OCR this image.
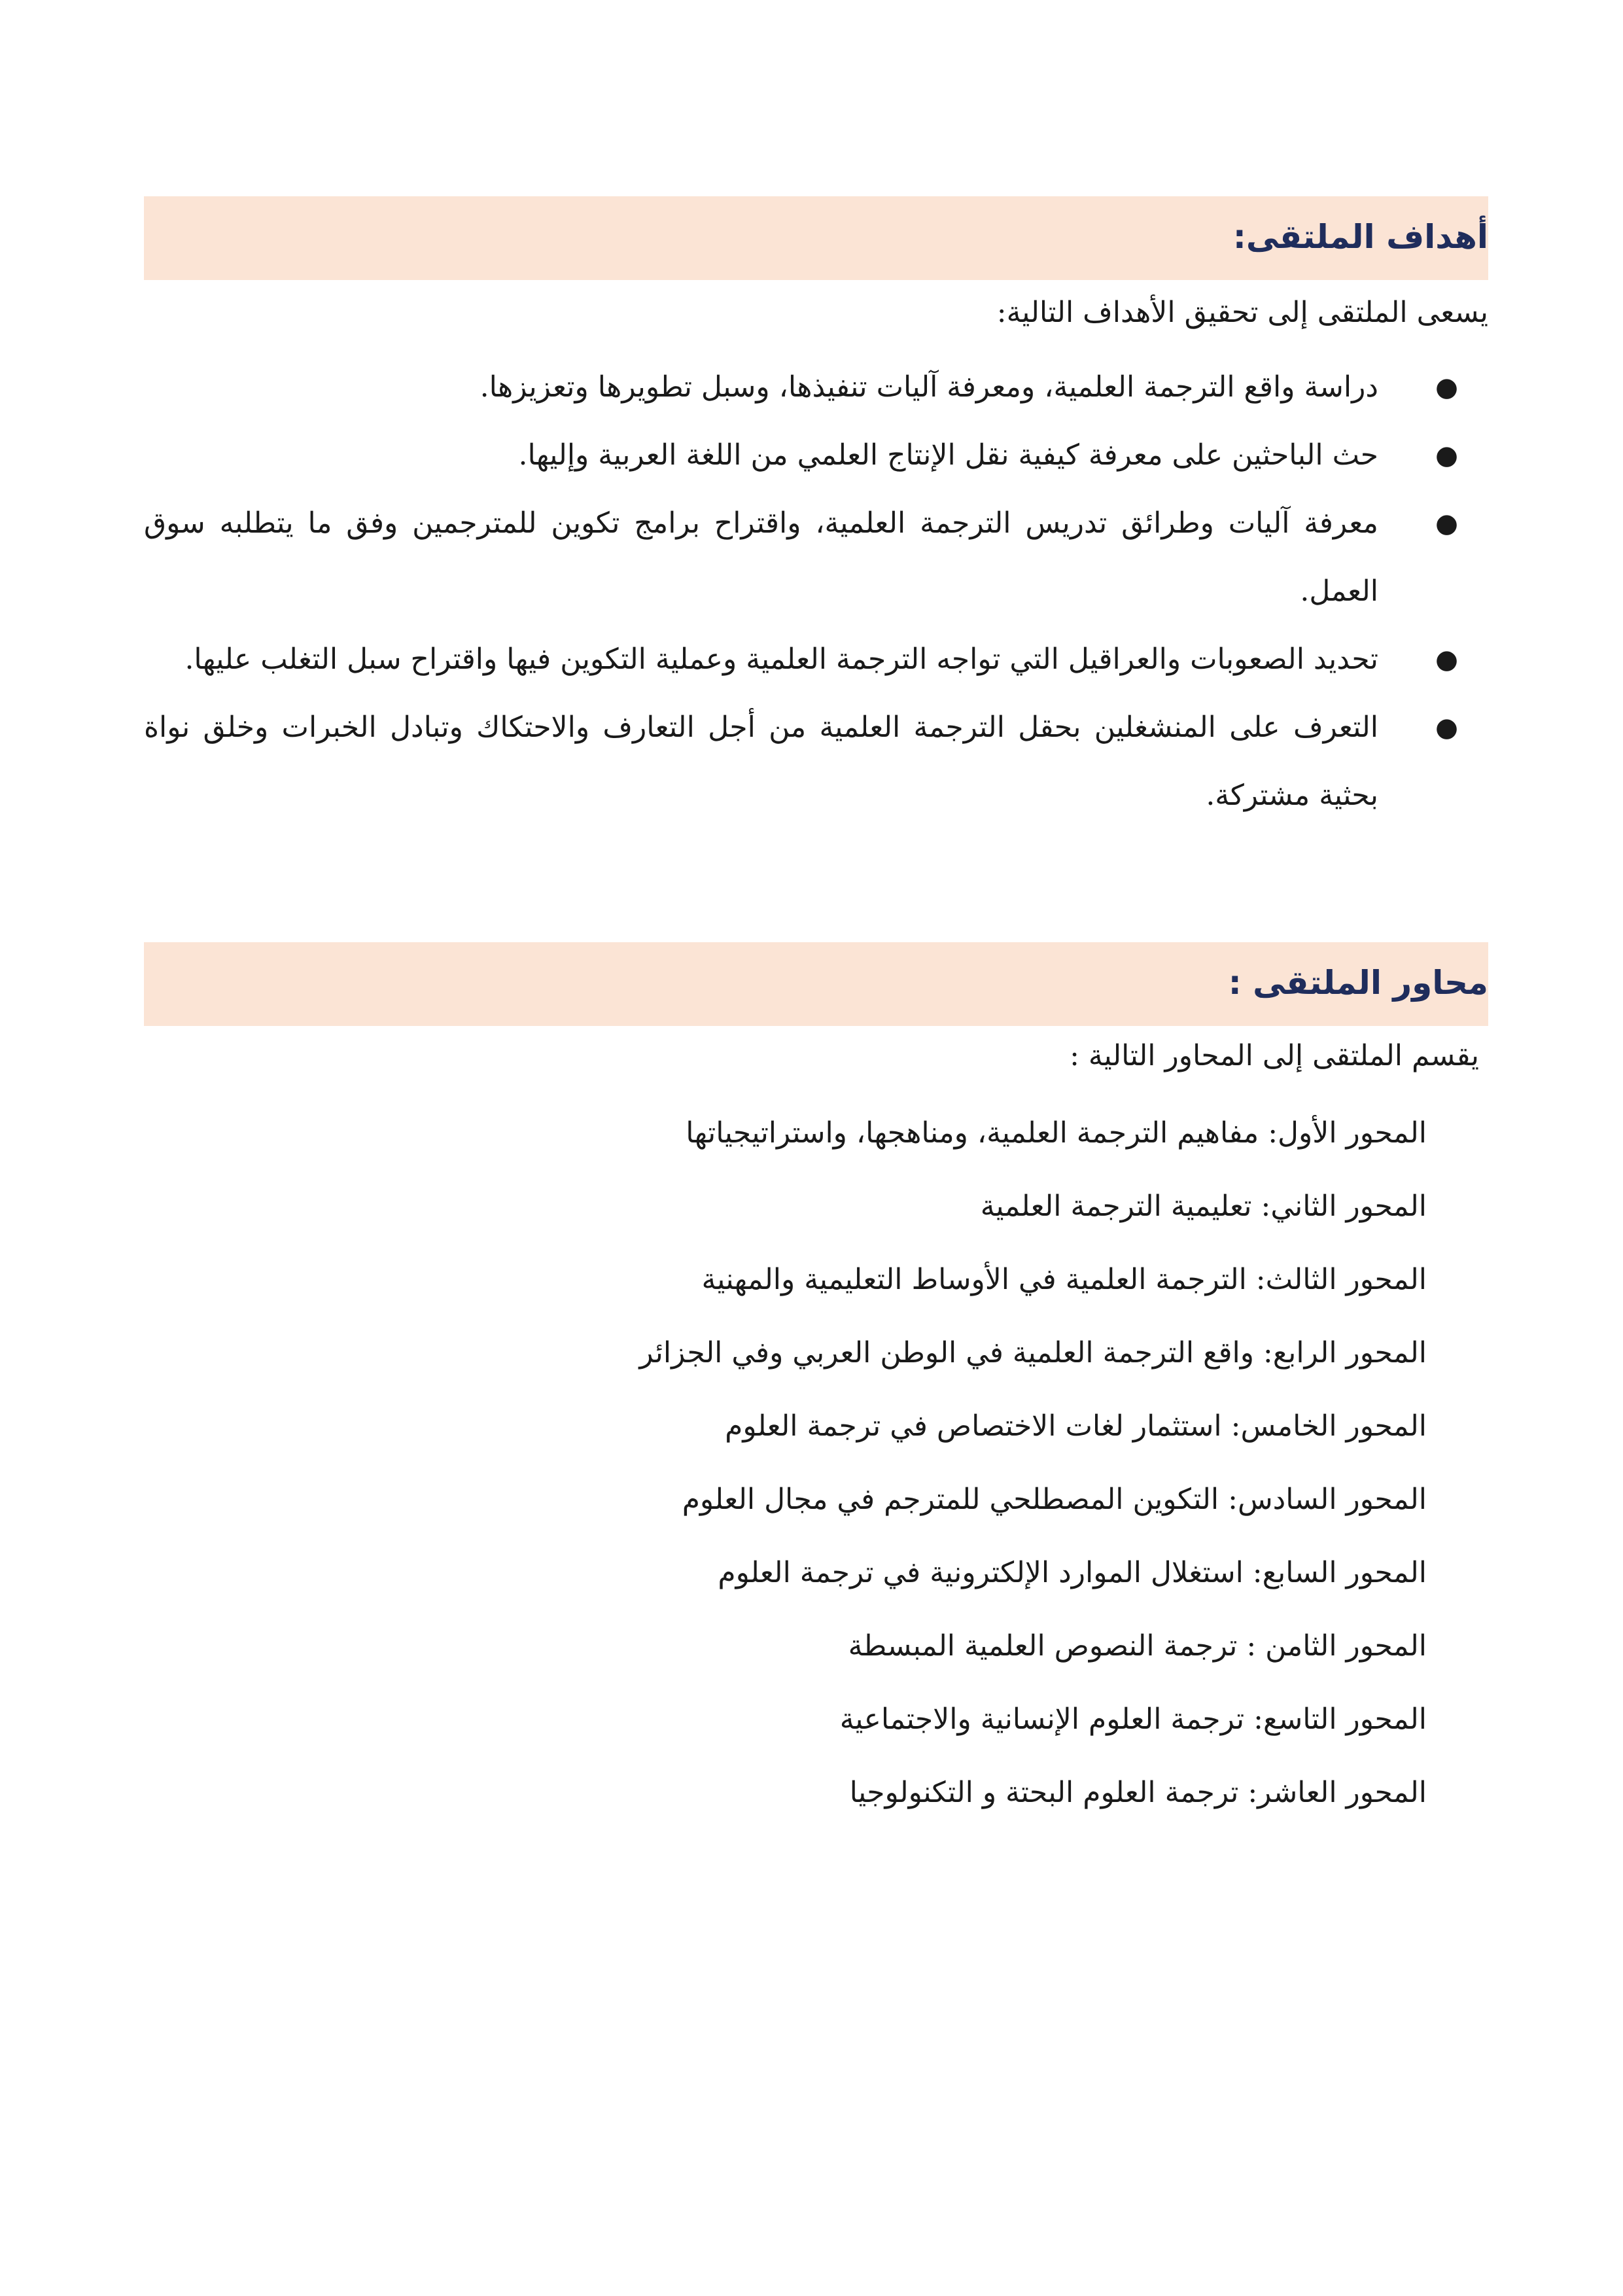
أهداف الملتقى:

يسعى الملتقى إلى تحقيق الأهداف التالية:

●
دراسة واقع الترجمة العلمية، ومعرفة آليات تنفيذها، وسبل تطويرها وتعزيزها.
●
حث الباحثين على معرفة كيفية نقل الإنتاج العلمي من اللغة العربية وإليها.
●
معرفة آليات وطرائق تدريس الترجمة العلمية، واقتراح برامج تكوين للمترجمين وفق ما يتطلبه سوق العمل.
●
تحديد الصعوبات والعراقيل التي تواجه الترجمة العلمية وعملية التكوين فيها واقتراح سبل التغلب عليها.
●
التعرف على المنشغلين بحقل الترجمة العلمية من أجل التعارف والاحتكاك وتبادل الخبرات وخلق نواة بحثية مشتركة.
محاور الملتقى :

يقسم الملتقى إلى المحاور التالية :

المحور الأول: مفاهيم الترجمة العلمية، ومناهجها، واستراتيجياتها
المحور الثاني: تعليمية الترجمة العلمية
المحور الثالث: الترجمة العلمية في الأوساط التعليمية والمهنية
المحور الرابع: واقع الترجمة العلمية في الوطن العربي وفي الجزائر
المحور الخامس: استثمار لغات الاختصاص في ترجمة العلوم
المحور السادس: التكوين المصطلحي للمترجم في مجال العلوم
المحور السابع: استغلال الموارد الإلكترونية في ترجمة العلوم
المحور الثامن : ترجمة النصوص العلمية المبسطة
المحور التاسع: ترجمة العلوم الإنسانية والاجتماعية
المحور العاشر: ترجمة العلوم البحتة و التكنولوجيا
